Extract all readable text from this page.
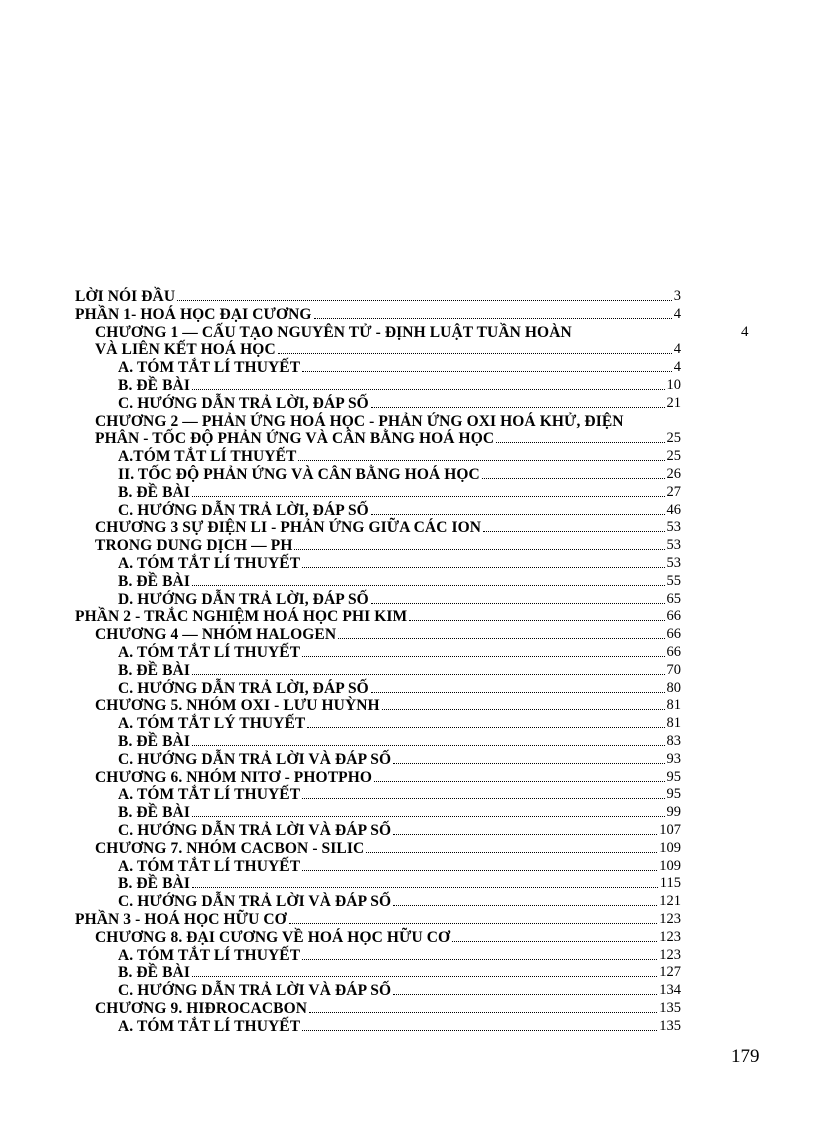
LỜI NÓI ĐẦU	3
PHẦN 1- HOÁ HỌC ĐẠI CƯƠNG	4
CHƯƠNG 1 — CẤU TẠO NGUYÊN TỬ - ĐỊNH LUẬT TUẦN HOÀN
VÀ LIÊN KẾT HOÁ HỌC	4
A. TÓM TẮT LÍ THUYẾT	4
B. ĐỀ BÀI	10
C. HƯỚNG DẪN TRẢ LỜI, ĐÁP SỐ	21
CHƯƠNG 2 — PHẢN ỨNG HOÁ HỌC - PHẢN ỨNG OXI HOÁ KHỬ, ĐIỆN
PHÂN - TỐC ĐỘ PHẢN ỨNG VÀ CÂN BẰNG HOÁ HỌC	25
A.TÓM TẮT LÍ THUYẾT	25
II. TỐC ĐỘ PHẢN ỨNG VÀ CÂN BẰNG HOÁ HỌC	26
B. ĐỀ BÀI	27
C. HƯỚNG DẪN TRẢ LỜI, ĐÁP SỐ	46
CHƯƠNG 3 SỰ ĐIỆN LI - PHẢN ỨNG GIỮA CÁC ION	53
TRONG DUNG DỊCH — PH	53
A. TÓM TẮT LÍ THUYẾT	53
B. ĐỀ BÀI	55
D. HƯỚNG DẪN TRẢ LỜI, ĐÁP SỐ	65
PHẦN 2 - TRẮC NGHIỆM HOÁ HỌC PHI KIM	66
CHƯƠNG 4 — NHÓM HALOGEN	66
A. TÓM TẮT LÍ THUYẾT	66
B. ĐỀ BÀI	70
C. HƯỚNG DẪN TRẢ LỜI, ĐÁP SỐ	80
CHƯƠNG 5. NHÓM OXI - LƯU HUỲNH	81
A. TÓM TẮT LÝ THUYẾT	81
B. ĐỀ BÀI	83
C. HƯỚNG DẪN TRẢ LỜI VÀ ĐÁP SỐ	93
CHƯƠNG 6. NHÓM NITƠ - PHOTPHO	95
A. TÓM TẮT LÍ THUYẾT	95
B. ĐỀ BÀI	99
C. HƯỚNG DẪN TRẢ LỜI VÀ ĐÁP SỐ	107
CHƯƠNG 7. NHÓM CACBON - SILIC	109
A. TÓM TẮT LÍ THUYẾT	109
B. ĐỀ BÀI	115
C. HƯỚNG DẪN TRẢ LỜI VÀ ĐÁP SỐ	121
PHẦN 3 - HOÁ HỌC HỮU CƠ	123
CHƯƠNG 8. ĐẠI CƯƠNG VỀ HOÁ HỌC HỮU CƠ	123
A. TÓM TẮT LÍ THUYẾT	123
B. ĐỀ BÀI	127
C. HƯỚNG DẪN TRẢ LỜI VÀ ĐÁP SỐ	134
CHƯƠNG 9. HIĐROCACBON	135
A. TÓM TẮT LÍ THUYẾT	135
4
179
